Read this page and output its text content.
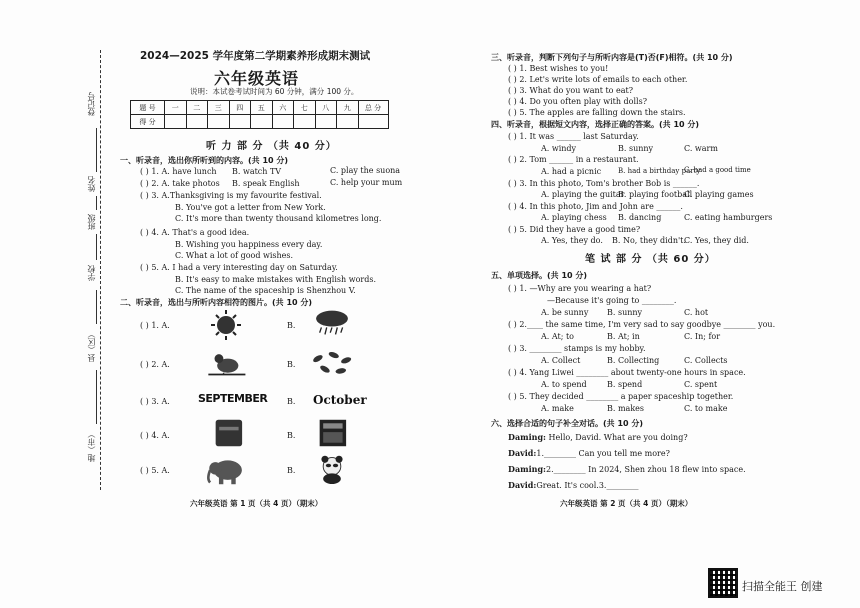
登记号
姓名
班级
学校
县（区）
地（市）
2024—2025 学年度第二学期素养形成期末测试
六年级英语
说明：本试卷考试时间为 60 分钟，满分 100 分。
题 号	一	二	三	四	五	六	七	八	九	总 分
得 分										
听 力 部 分 （共 40 分）
一、听录音，选出你所听到的内容。(共 10 分)
( ) 1. A. have lunch B. watch TV	C. play the suona
( ) 2. A. take photos B. speak English	C. help your mum
( ) 3. A.Thanksgiving is my favourite festival.
B. You've got a letter from New York.
C. It's more than twenty thousand kilometres long.
( ) 4. A. That's a good idea.
B. Wishing you happiness every day.
C. What a lot of good wishes.
( ) 5. A. I had a very interesting day on Saturday.
B. It's easy to make mistakes with English words.
C. The name of the spaceship is Shenzhou V.
二、听录音，选出与所听内容相符的图片。(共 10 分)
( ) 1. A.	B.
( ) 2. A.	B.
( ) 3. A.	B.
( ) 4. A.	B.
( ) 5. A.	B.
SEPTEMBER	October
六年级英语 第 1 页（共 4 页）（期末）
三、听录音，判断下列句子与所听内容是(T)否(F)相符。(共 10 分)
( ) 1. Best wishes to you!
( ) 2. Let's write lots of emails to each other.
( ) 3. What do you want to eat?
( ) 4. Do you often play with dolls?
( ) 5. The apples are falling down the stairs.
四、听录音，根据短文内容，选择正确的答案。(共 10 分)
( ) 1. It was ______ last Saturday.
A. windy	B. sunny	C. warm
( ) 2. Tom ______ in a restaurant.
A. had a picnic B. had a birthday party
C. had a good time
( ) 3. In this photo, Tom's brother Bob is ______.
A. playing the guitar
B. playing football
C. playing games
( ) 4. In this photo, Jim and John are ______.
A. playing chess B. dancing	C. eating hamburgers
( ) 5. Did they have a good time?
A. Yes, they do. B. No, they didn't.
C. Yes, they did.
笔 试 部 分 （共 60 分）
五、单项选择。(共 10 分)
( ) 1. —Why are you wearing a hat?
—Because it's going to ________.
A. be sunny B. sunny	C. hot
( ) 2.____ the same time, I'm very sad to say goodbye ________ you.
A. At; to	B. At; in	C. In; for
( ) 3. ________ stamps is my hobby.
A. Collect	B. Collecting	C. Collects
( ) 4. Yang Liwei ________ about twenty-one hours in space.
A. to spend	B. spend	C. spent
( ) 5. They decided ________ a paper spaceship together.
A. make	B. makes	C. to make
六、选择合适的句子补全对话。(共 10 分)
Daming: Hello, David. What are you doing?
David:1.________ Can you tell me more?
Daming:2.________ In 2024, Shen zhou 18 flew into space.
David:Great. It's cool.3.________
六年级英语 第 2 页（共 4 页）（期末）
扫描全能王 创建
